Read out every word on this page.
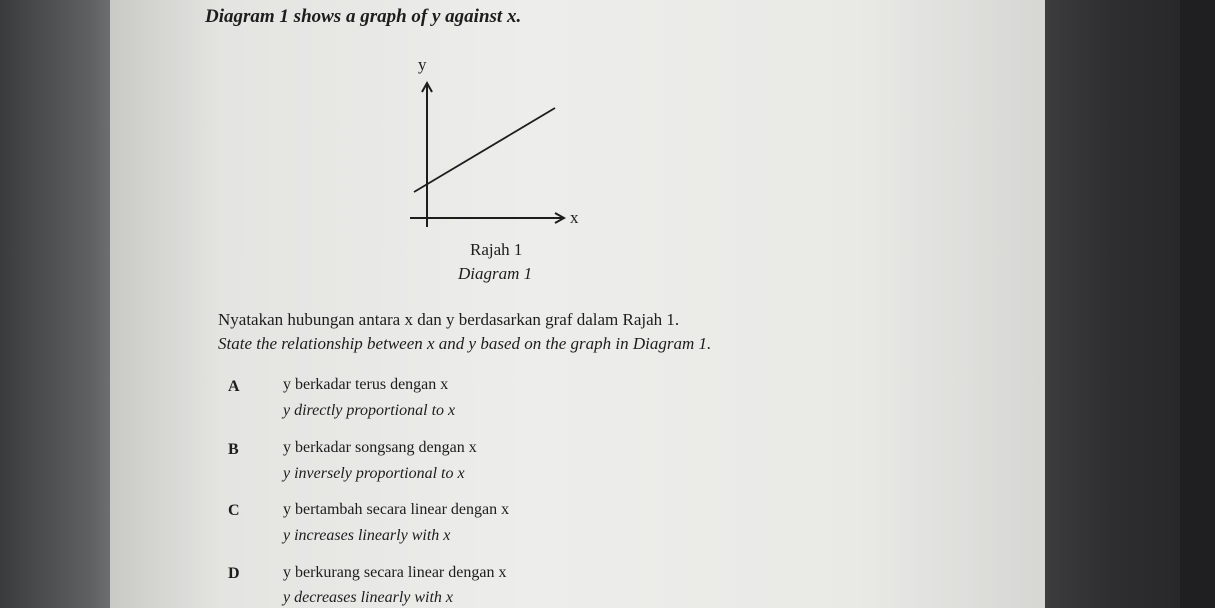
Diagram 1 shows a graph of y against x.

y
x

Rajah 1

Diagram 1

Nyatakan hubungan antara x dan y berdasarkan graf dalam Rajah 1.

State the relationship between x and y based on the graph in Diagram 1.

A	y berkadar terus dengan x

y directly proportional to x

B	y berkadar songsang dengan x

y inversely proportional to x

C	y bertambah secara linear dengan x

y increases linearly with x

D	y berkurang secara linear dengan x

y decreases linearly with x
